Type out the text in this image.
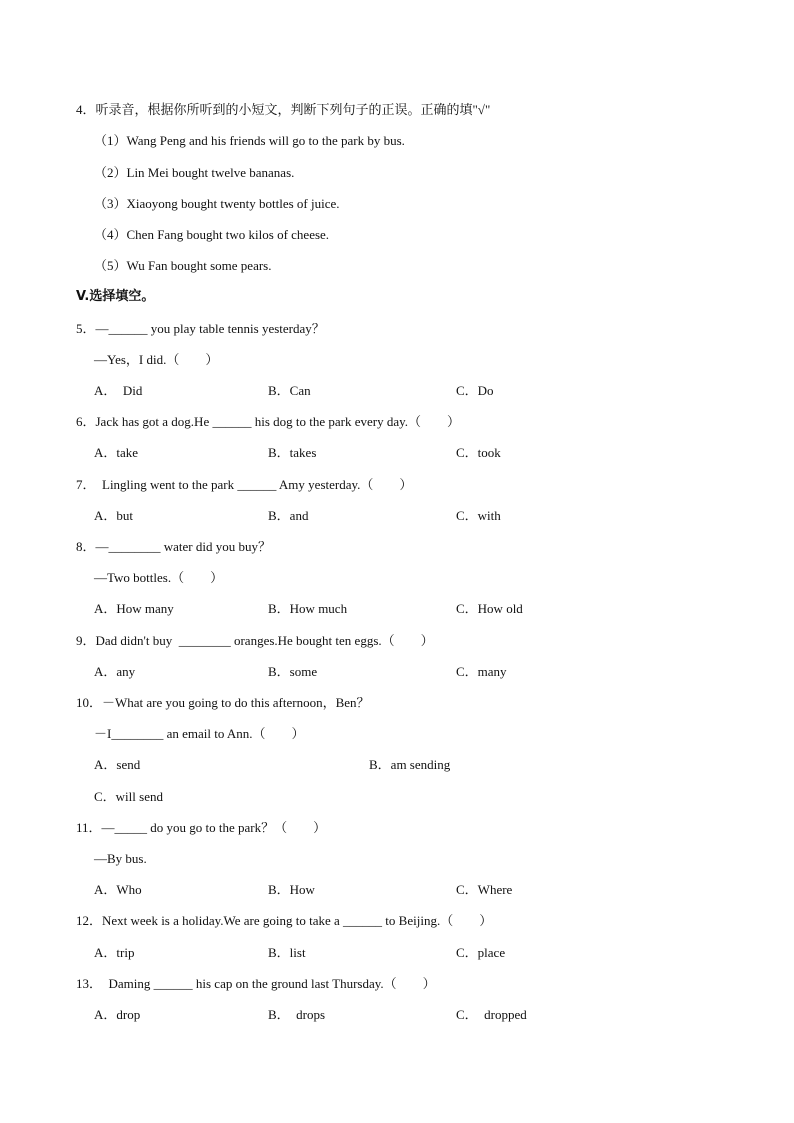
4．听录音，根据你所听到的小短文，判断下列句子的正误。正确的填"√"
（1）Wang Peng and his friends will go to the park by bus.
（2）Lin Mei bought twelve bananas.
（3）Xiaoyong bought twenty bottles of juice.
（4）Chen Fang bought two kilos of cheese.
（5）Wu Fan bought some pears.
V.选择填空。
5．—______ you play table tennis yesterday？
—Yes，I did.（　　）
A．  Did	B．Can	C．Do
6．Jack has got a dog.He ______ his dog to the park every day.（　　）
A．take	B．takes	C．took
7．  Lingling went to the park ______ Amy yesterday.（　　）
A．but	B．and	C．with
8．—________ water did you buy？
—Two bottles.（　　）
A．How many	B．How much	C．How old
9．Dad didn't buy  ________ oranges.He bought ten eggs.（　　）
A．any	B．some	C．many
10．－What are you going to do this afternoon，Ben？
－I________ an email to Ann.（　　）
A．send	B．am sending
C．will send
11．—_____ do you go to the park？（　　）
—By bus.
A．Who	B．How	C．Where
12．Next week is a holiday.We are going to take a ______ to Beijing.（　　）
A．trip	B．list	C．place
13．  Daming ______ his cap on the ground last Thursday.（　　）
A．drop	B．  drops	C．  dropped
